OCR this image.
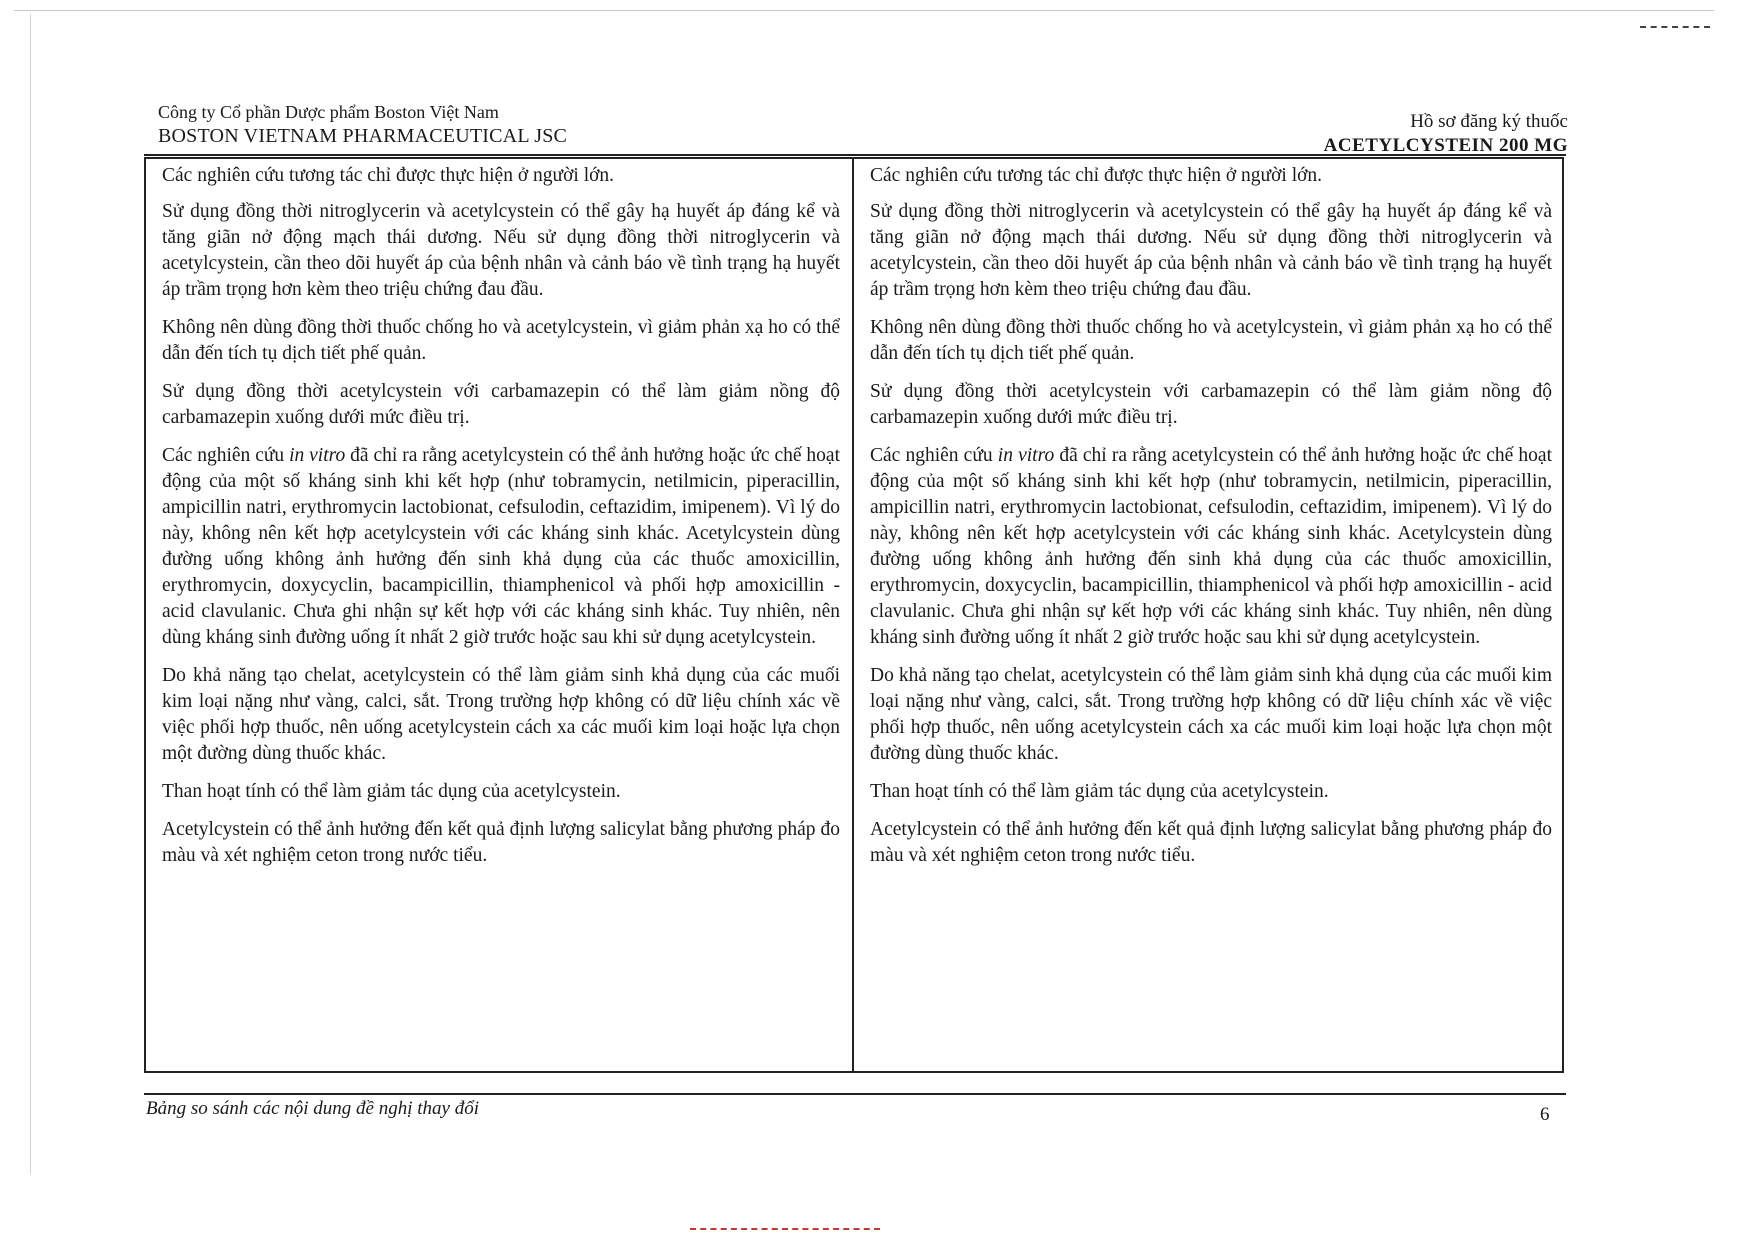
Công ty Cổ phần Dược phẩm Boston Việt Nam
BOSTON VIETNAM PHARMACEUTICAL JSC
Hồ sơ đăng ký thuốc
ACETYLCYSTEIN 200 MG

Các nghiên cứu tương tác chỉ được thực hiện ở người lớn.

Sử dụng đồng thời nitroglycerin và acetylcystein có thể gây hạ huyết áp đáng kể và tăng giãn nở động mạch thái dương. Nếu sử dụng đồng thời nitroglycerin và acetylcystein, cần theo dõi huyết áp của bệnh nhân và cảnh báo về tình trạng hạ huyết áp trầm trọng hơn kèm theo triệu chứng đau đầu.

Không nên dùng đồng thời thuốc chống ho và acetylcystein, vì giảm phản xạ ho có thể dẫn đến tích tụ dịch tiết phế quản.

Sử dụng đồng thời acetylcystein với carbamazepin có thể làm giảm nồng độ carbamazepin xuống dưới mức điều trị.

Các nghiên cứu in vitro đã chỉ ra rằng acetylcystein có thể ảnh hưởng hoặc ức chế hoạt động của một số kháng sinh khi kết hợp (như tobramycin, netilmicin, piperacillin, ampicillin natri, erythromycin lactobionat, cefsulodin, ceftazidim, imipenem). Vì lý do này, không nên kết hợp acetylcystein với các kháng sinh khác. Acetylcystein dùng đường uống không ảnh hưởng đến sinh khả dụng của các thuốc amoxicillin, erythromycin, doxycyclin, bacampicillin, thiamphenicol và phối hợp amoxicillin - acid clavulanic. Chưa ghi nhận sự kết hợp với các kháng sinh khác. Tuy nhiên, nên dùng kháng sinh đường uống ít nhất 2 giờ trước hoặc sau khi sử dụng acetylcystein.

Do khả năng tạo chelat, acetylcystein có thể làm giảm sinh khả dụng của các muối kim loại nặng như vàng, calci, sắt. Trong trường hợp không có dữ liệu chính xác về việc phối hợp thuốc, nên uống acetylcystein cách xa các muối kim loại hoặc lựa chọn một đường dùng thuốc khác.

Than hoạt tính có thể làm giảm tác dụng của acetylcystein.

Acetylcystein có thể ảnh hưởng đến kết quả định lượng salicylat bằng phương pháp đo màu và xét nghiệm ceton trong nước tiểu.

Các nghiên cứu tương tác chỉ được thực hiện ở người lớn.

Sử dụng đồng thời nitroglycerin và acetylcystein có thể gây hạ huyết áp đáng kể và tăng giãn nở động mạch thái dương. Nếu sử dụng đồng thời nitroglycerin và acetylcystein, cần theo dõi huyết áp của bệnh nhân và cảnh báo về tình trạng hạ huyết áp trầm trọng hơn kèm theo triệu chứng đau đầu.

Không nên dùng đồng thời thuốc chống ho và acetylcystein, vì giảm phản xạ ho có thể dẫn đến tích tụ dịch tiết phế quản.

Sử dụng đồng thời acetylcystein với carbamazepin có thể làm giảm nồng độ carbamazepin xuống dưới mức điều trị.

Các nghiên cứu in vitro đã chỉ ra rằng acetylcystein có thể ảnh hưởng hoặc ức chế hoạt động của một số kháng sinh khi kết hợp (như tobramycin, netilmicin, piperacillin, ampicillin natri, erythromycin lactobionat, cefsulodin, ceftazidim, imipenem). Vì lý do này, không nên kết hợp acetylcystein với các kháng sinh khác. Acetylcystein dùng đường uống không ảnh hưởng đến sinh khả dụng của các thuốc amoxicillin, erythromycin, doxycyclin, bacampicillin, thiamphenicol và phối hợp amoxicillin - acid clavulanic. Chưa ghi nhận sự kết hợp với các kháng sinh khác. Tuy nhiên, nên dùng kháng sinh đường uống ít nhất 2 giờ trước hoặc sau khi sử dụng acetylcystein.

Do khả năng tạo chelat, acetylcystein có thể làm giảm sinh khả dụng của các muối kim loại nặng như vàng, calci, sắt. Trong trường hợp không có dữ liệu chính xác về việc phối hợp thuốc, nên uống acetylcystein cách xa các muối kim loại hoặc lựa chọn một đường dùng thuốc khác.

Than hoạt tính có thể làm giảm tác dụng của acetylcystein.

Acetylcystein có thể ảnh hưởng đến kết quả định lượng salicylat bằng phương pháp đo màu và xét nghiệm ceton trong nước tiểu.

Bảng so sánh các nội dung đề nghị thay đổi	6
